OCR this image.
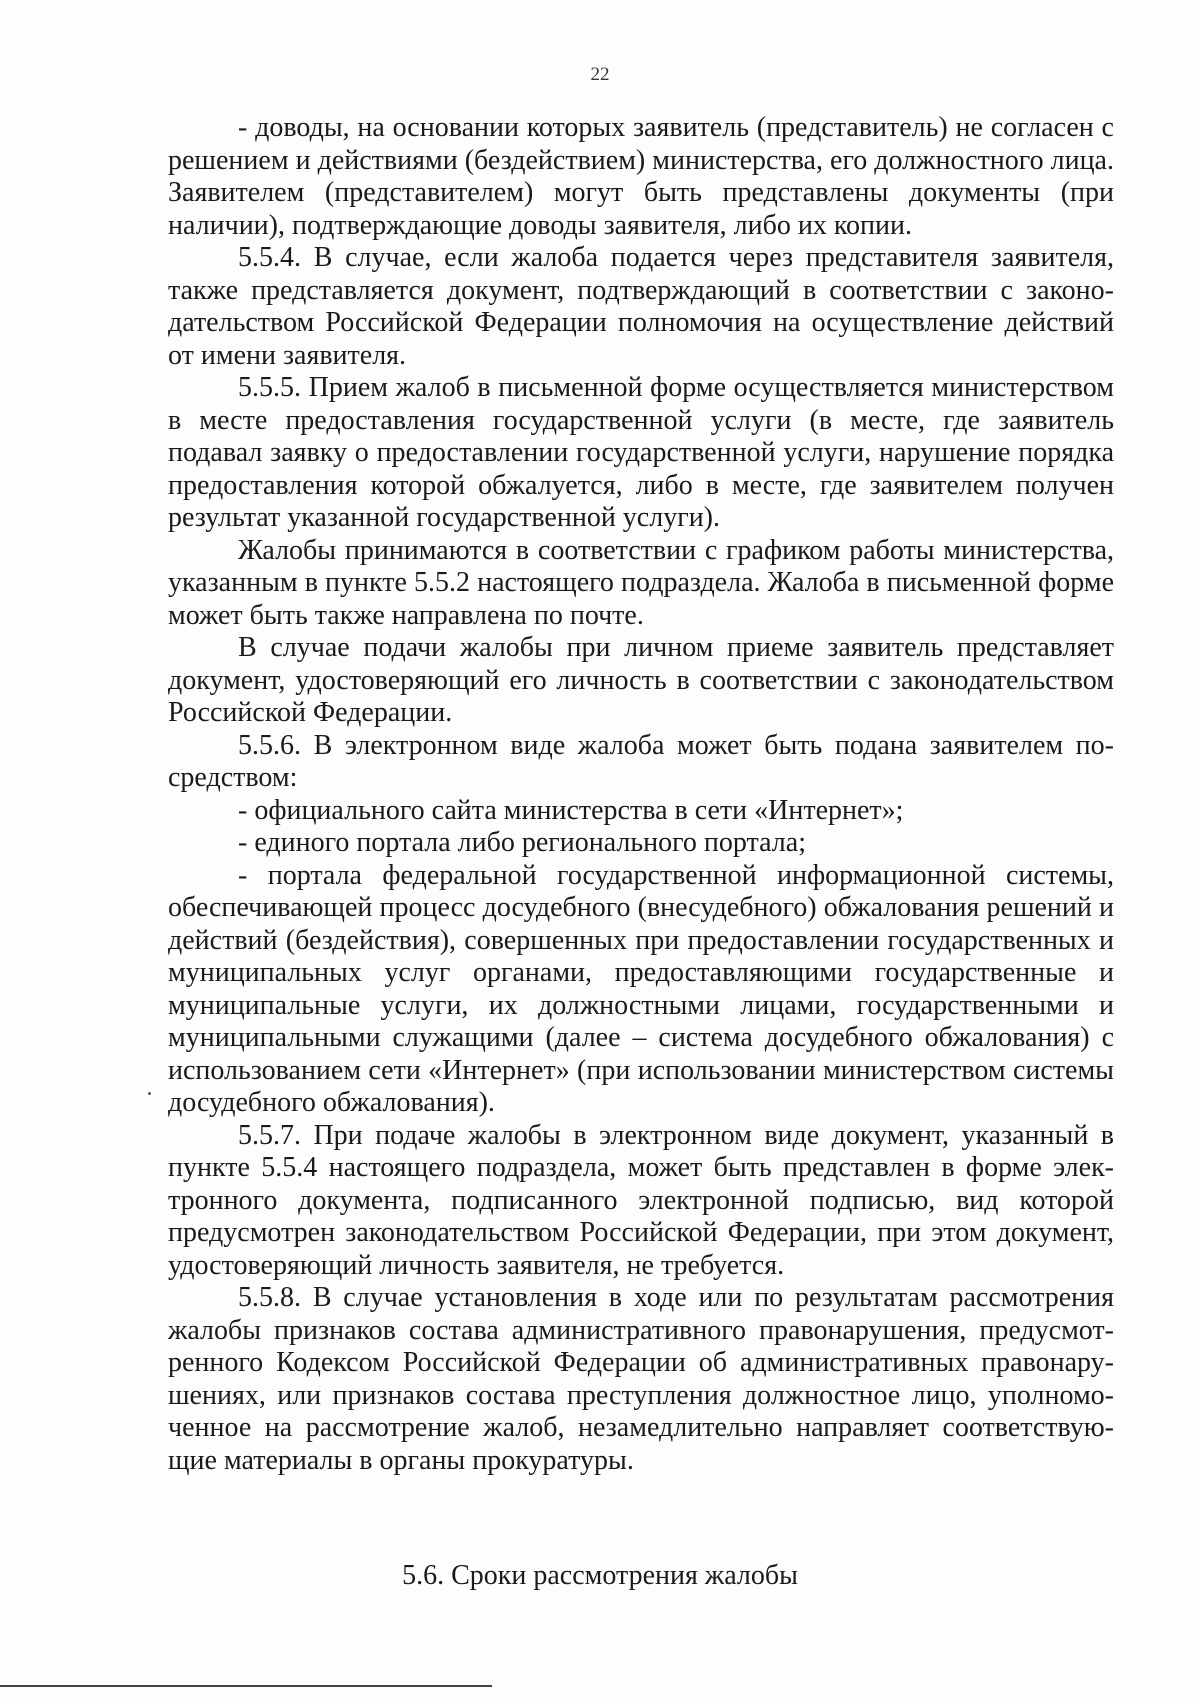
22

- доводы, на основании которых заявитель (представитель) не согласен с решением и действиями (бездействием) министерства, его должностного лица. Заявителем (представителем) могут быть представлены документы (при наличии), подтверждающие доводы заявителя, либо их копии.

5.5.4. В случае, если жалоба подается через представителя заявителя, также представляется документ, подтверждающий в соответствии с законодательством Российской Федерации полномочия на осуществление действий от имени заявителя.

5.5.5. Прием жалоб в письменной форме осуществляется министерством в месте предоставления государственной услуги (в месте, где заявитель подавал заявку о предоставлении государственной услуги, нарушение порядка предоставления которой обжалуется, либо в месте, где заявителем получен результат указанной государственной услуги).

Жалобы принимаются в соответствии с графиком работы министерства, указанным в пункте 5.5.2 настоящего подраздела. Жалоба в письменной форме может быть также направлена по почте.

В случае подачи жалобы при личном приеме заявитель представляет документ, удостоверяющий его личность в соответствии с законодательством Российской Федерации.

5.5.6. В электронном виде жалоба может быть подана заявителем посредством:

- официального сайта министерства в сети «Интернет»;

- единого портала либо регионального портала;

- портала федеральной государственной информационной системы, обеспечивающей процесс досудебного (внесудебного) обжалования решений и действий (бездействия), совершенных при предоставлении государственных и муниципальных услуг органами, предоставляющими государственные и муниципальные услуги, их должностными лицами, государственными и муниципальными служащими (далее – система досудебного обжалования) с использованием сети «Интернет» (при использовании министерством системы досудебного обжалования).

5.5.7. При подаче жалобы в электронном виде документ, указанный в пункте 5.5.4 настоящего подраздела, может быть представлен в форме электронного документа, подписанного электронной подписью, вид которой предусмотрен законодательством Российской Федерации, при этом документ, удостоверяющий личность заявителя, не требуется.

5.5.8. В случае установления в ходе или по результатам рассмотрения жалобы признаков состава административного правонарушения, предусмотренного Кодексом Российской Федерации об административных правонарушениях, или признаков состава преступления должностное лицо, уполномоченное на рассмотрение жалоб, незамедлительно направляет соответствующие материалы в органы прокуратуры.

5.6. Сроки рассмотрения жалобы
